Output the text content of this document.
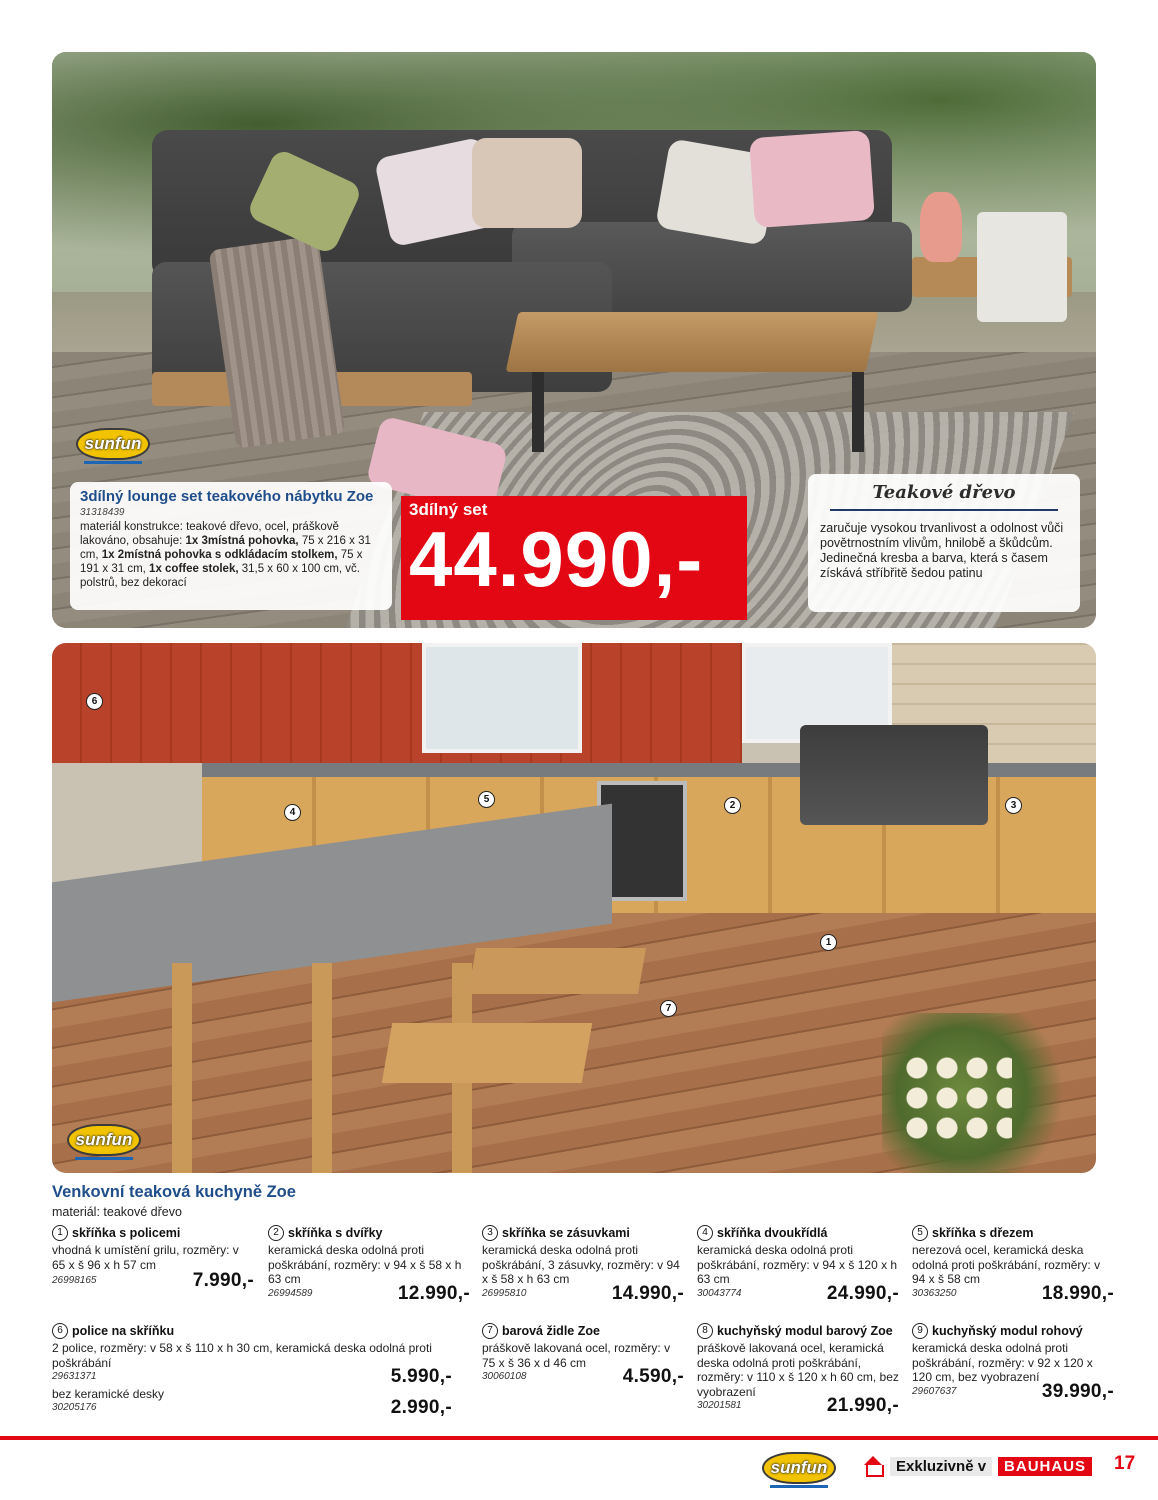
sunfun
3dílný lounge set teakového nábytku Zoe
31318439
materiál konstrukce: teakové dřevo, ocel, práškově lakováno, obsahuje: 1x 3místná pohovka, 75 x 216 x 31 cm, 1x 2místná pohovka s odkládacím stolkem, 75 x 191 x 31 cm, 1x coffee stolek, 31,5 x 60 x 100 cm, vč. polstrů, bez dekorací
3dílný set
44.990,-
Teakové dřevo
zaručuje vysokou trvanlivost a odolnost vůči povětrnostním vlivům, hnilobě a škůdcům. Jedinečná kresba a barva, která s časem získává stříbřitě šedou patinu
6
4
5
2	3
1
7
sunfun
Venkovní teaková kuchyně Zoe
materiál: teakové dřevo
1 skříňka s policemi
vhodná k umístění grilu, rozměry: v 65 x š 96 x h 57 cm
26998165	7.990,-
2 skříňka s dvířky
keramická deska odolná proti poškrábání, rozměry: v 94 x š 58 x h 63 cm
26994589	12.990,-
3 skříňka se zásuvkami
keramická deska odolná proti poškrábání, 3 zásuvky, rozměry: v 94 x š 58 x h 63 cm
26995810	14.990,-
4 skříňka dvoukřídlá
keramická deska odolná proti poškrábání, rozměry: v 94 x š 120 x h 63 cm
30043774	24.990,-
5 skříňka s dřezem
nerezová ocel, keramická deska odolná proti poškrábání, rozměry: v 94 x š 58 cm
30363250	18.990,-
6 police na skříňku
2 police, rozměry: v 58 x š 110 x h 30 cm, keramická deska odolná proti poškrábání
29631371	5.990,-
bez keramické desky
30205176	2.990,-
7 barová židle Zoe
práškově lakovaná ocel, rozměry: v 75 x š 36 x d 46 cm
30060108	4.590,-
8 kuchyňský modul barový Zoe
práškově lakovaná ocel, keramická deska odolná proti poškrábání, rozměry: v 110 x š 120 x h 60 cm, bez vyobrazení
30201581	21.990,-
9 kuchyňský modul rohový
keramická deska odolná proti poškrábání, rozměry: v 92 x 120 x 120 cm, bez vyobrazení
29607637	39.990,-
sunfun	Exkluzivně v	BAUHAUS	17
